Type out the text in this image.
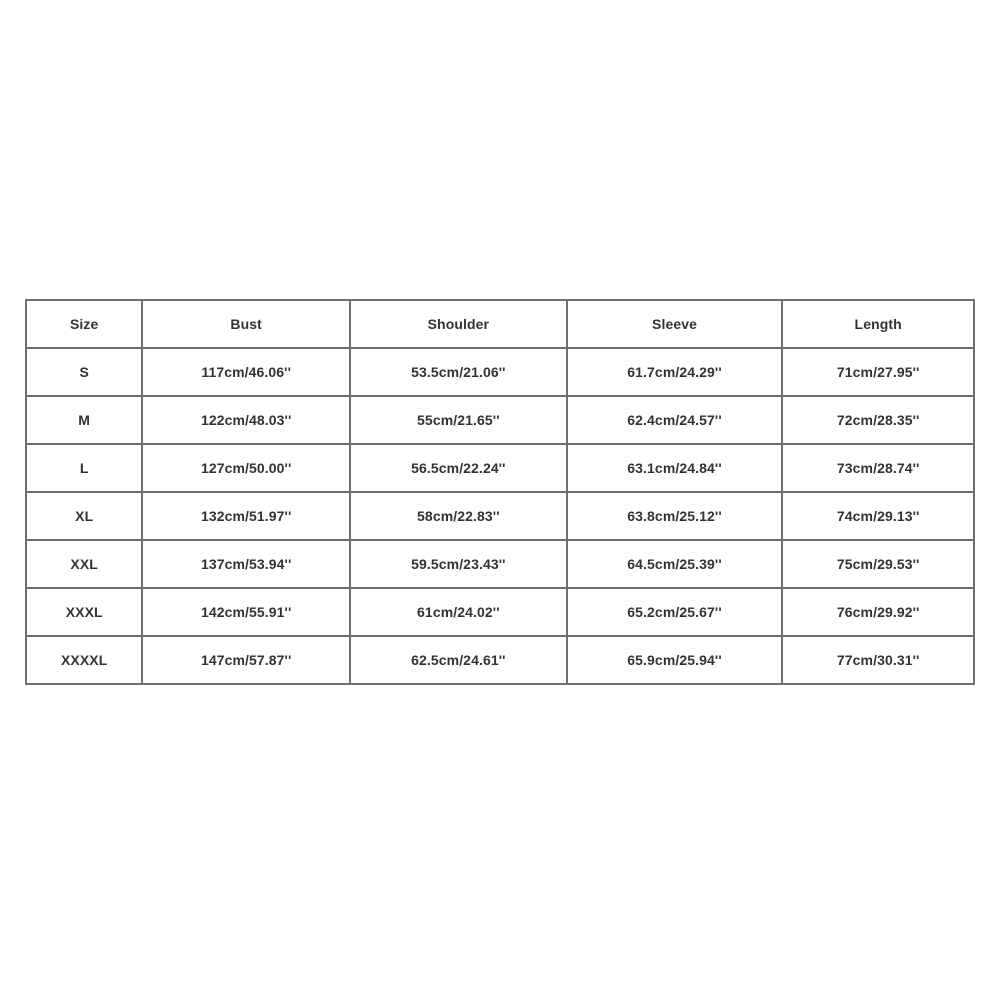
Size	Bust	Shoulder	Sleeve	Length
S	117cm/46.06''	53.5cm/21.06''	61.7cm/24.29''	71cm/27.95''
M	122cm/48.03''	55cm/21.65''	62.4cm/24.57''	72cm/28.35''
L	127cm/50.00''	56.5cm/22.24''	63.1cm/24.84''	73cm/28.74''
XL	132cm/51.97''	58cm/22.83''	63.8cm/25.12''	74cm/29.13''
XXL	137cm/53.94''	59.5cm/23.43''	64.5cm/25.39''	75cm/29.53''
XXXL	142cm/55.91''	61cm/24.02''	65.2cm/25.67''	76cm/29.92''
XXXXL	147cm/57.87''	62.5cm/24.61''	65.9cm/25.94''	77cm/30.31''
